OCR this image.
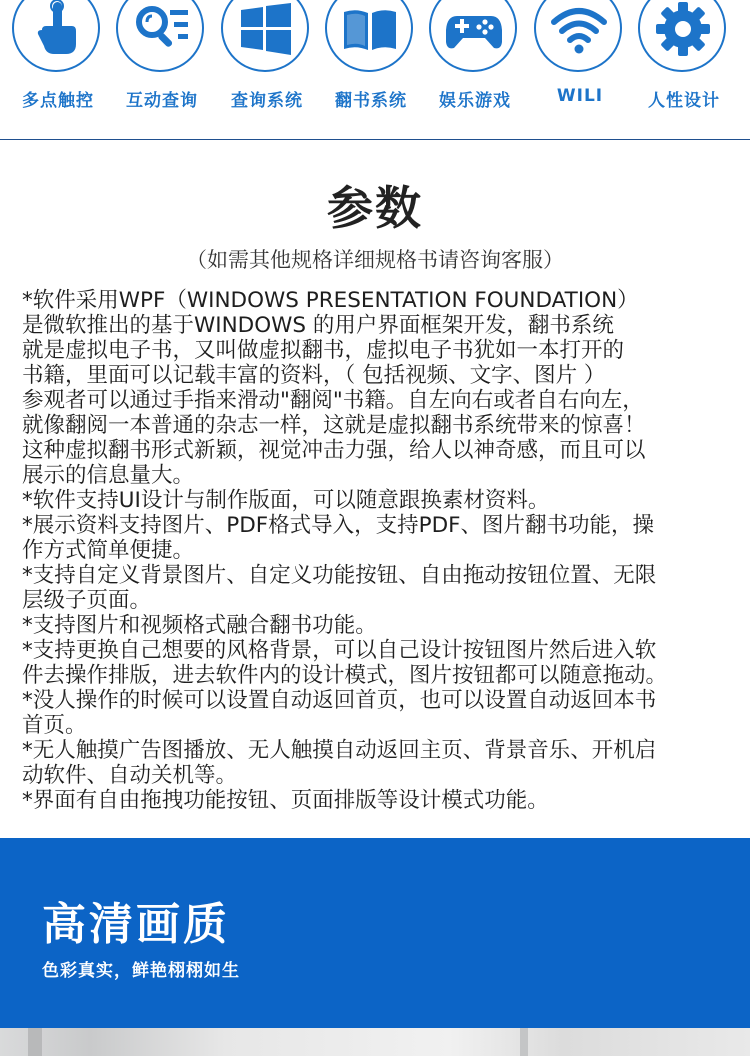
多点触控	互动查询	查询系统	翻书系统	娱乐游戏	WILI	人性设计
参数
（如需其他规格详细规格书请咨询客服）
*软件采用WPF（WINDOWS PRESENTATION FOUNDATION）
是微软推出的基于WINDOWS 的用户界面框架开发，翻书系统
就是虚拟电子书，又叫做虚拟翻书，虚拟电子书犹如一本打开的
书籍，里面可以记载丰富的资料，（ 包括视频、文字、图片 ）
参观者可以通过手指来滑动"翻阅"书籍。自左向右或者自右向左，
就像翻阅一本普通的杂志一样，这就是虚拟翻书系统带来的惊喜！
这种虚拟翻书形式新颖，视觉冲击力强，给人以神奇感，而且可以
展示的信息量大。
*软件支持UI设计与制作版面，可以随意跟换素材资料。
*展示资料支持图片、PDF格式导入，支持PDF、图片翻书功能，操
作方式简单便捷。
*支持自定义背景图片、自定义功能按钮、自由拖动按钮位置、无限
层级子页面。
*支持图片和视频格式融合翻书功能。
*支持更换自己想要的风格背景，可以自己设计按钮图片然后进入软
件去操作排版，进去软件内的设计模式，图片按钮都可以随意拖动。
*没人操作的时候可以设置自动返回首页，也可以设置自动返回本书
首页。
*无人触摸广告图播放、无人触摸自动返回主页、背景音乐、开机启
动软件、自动关机等。
*界面有自由拖拽功能按钮、页面排版等设计模式功能。
高清画质
色彩真实，鲜艳栩栩如生
